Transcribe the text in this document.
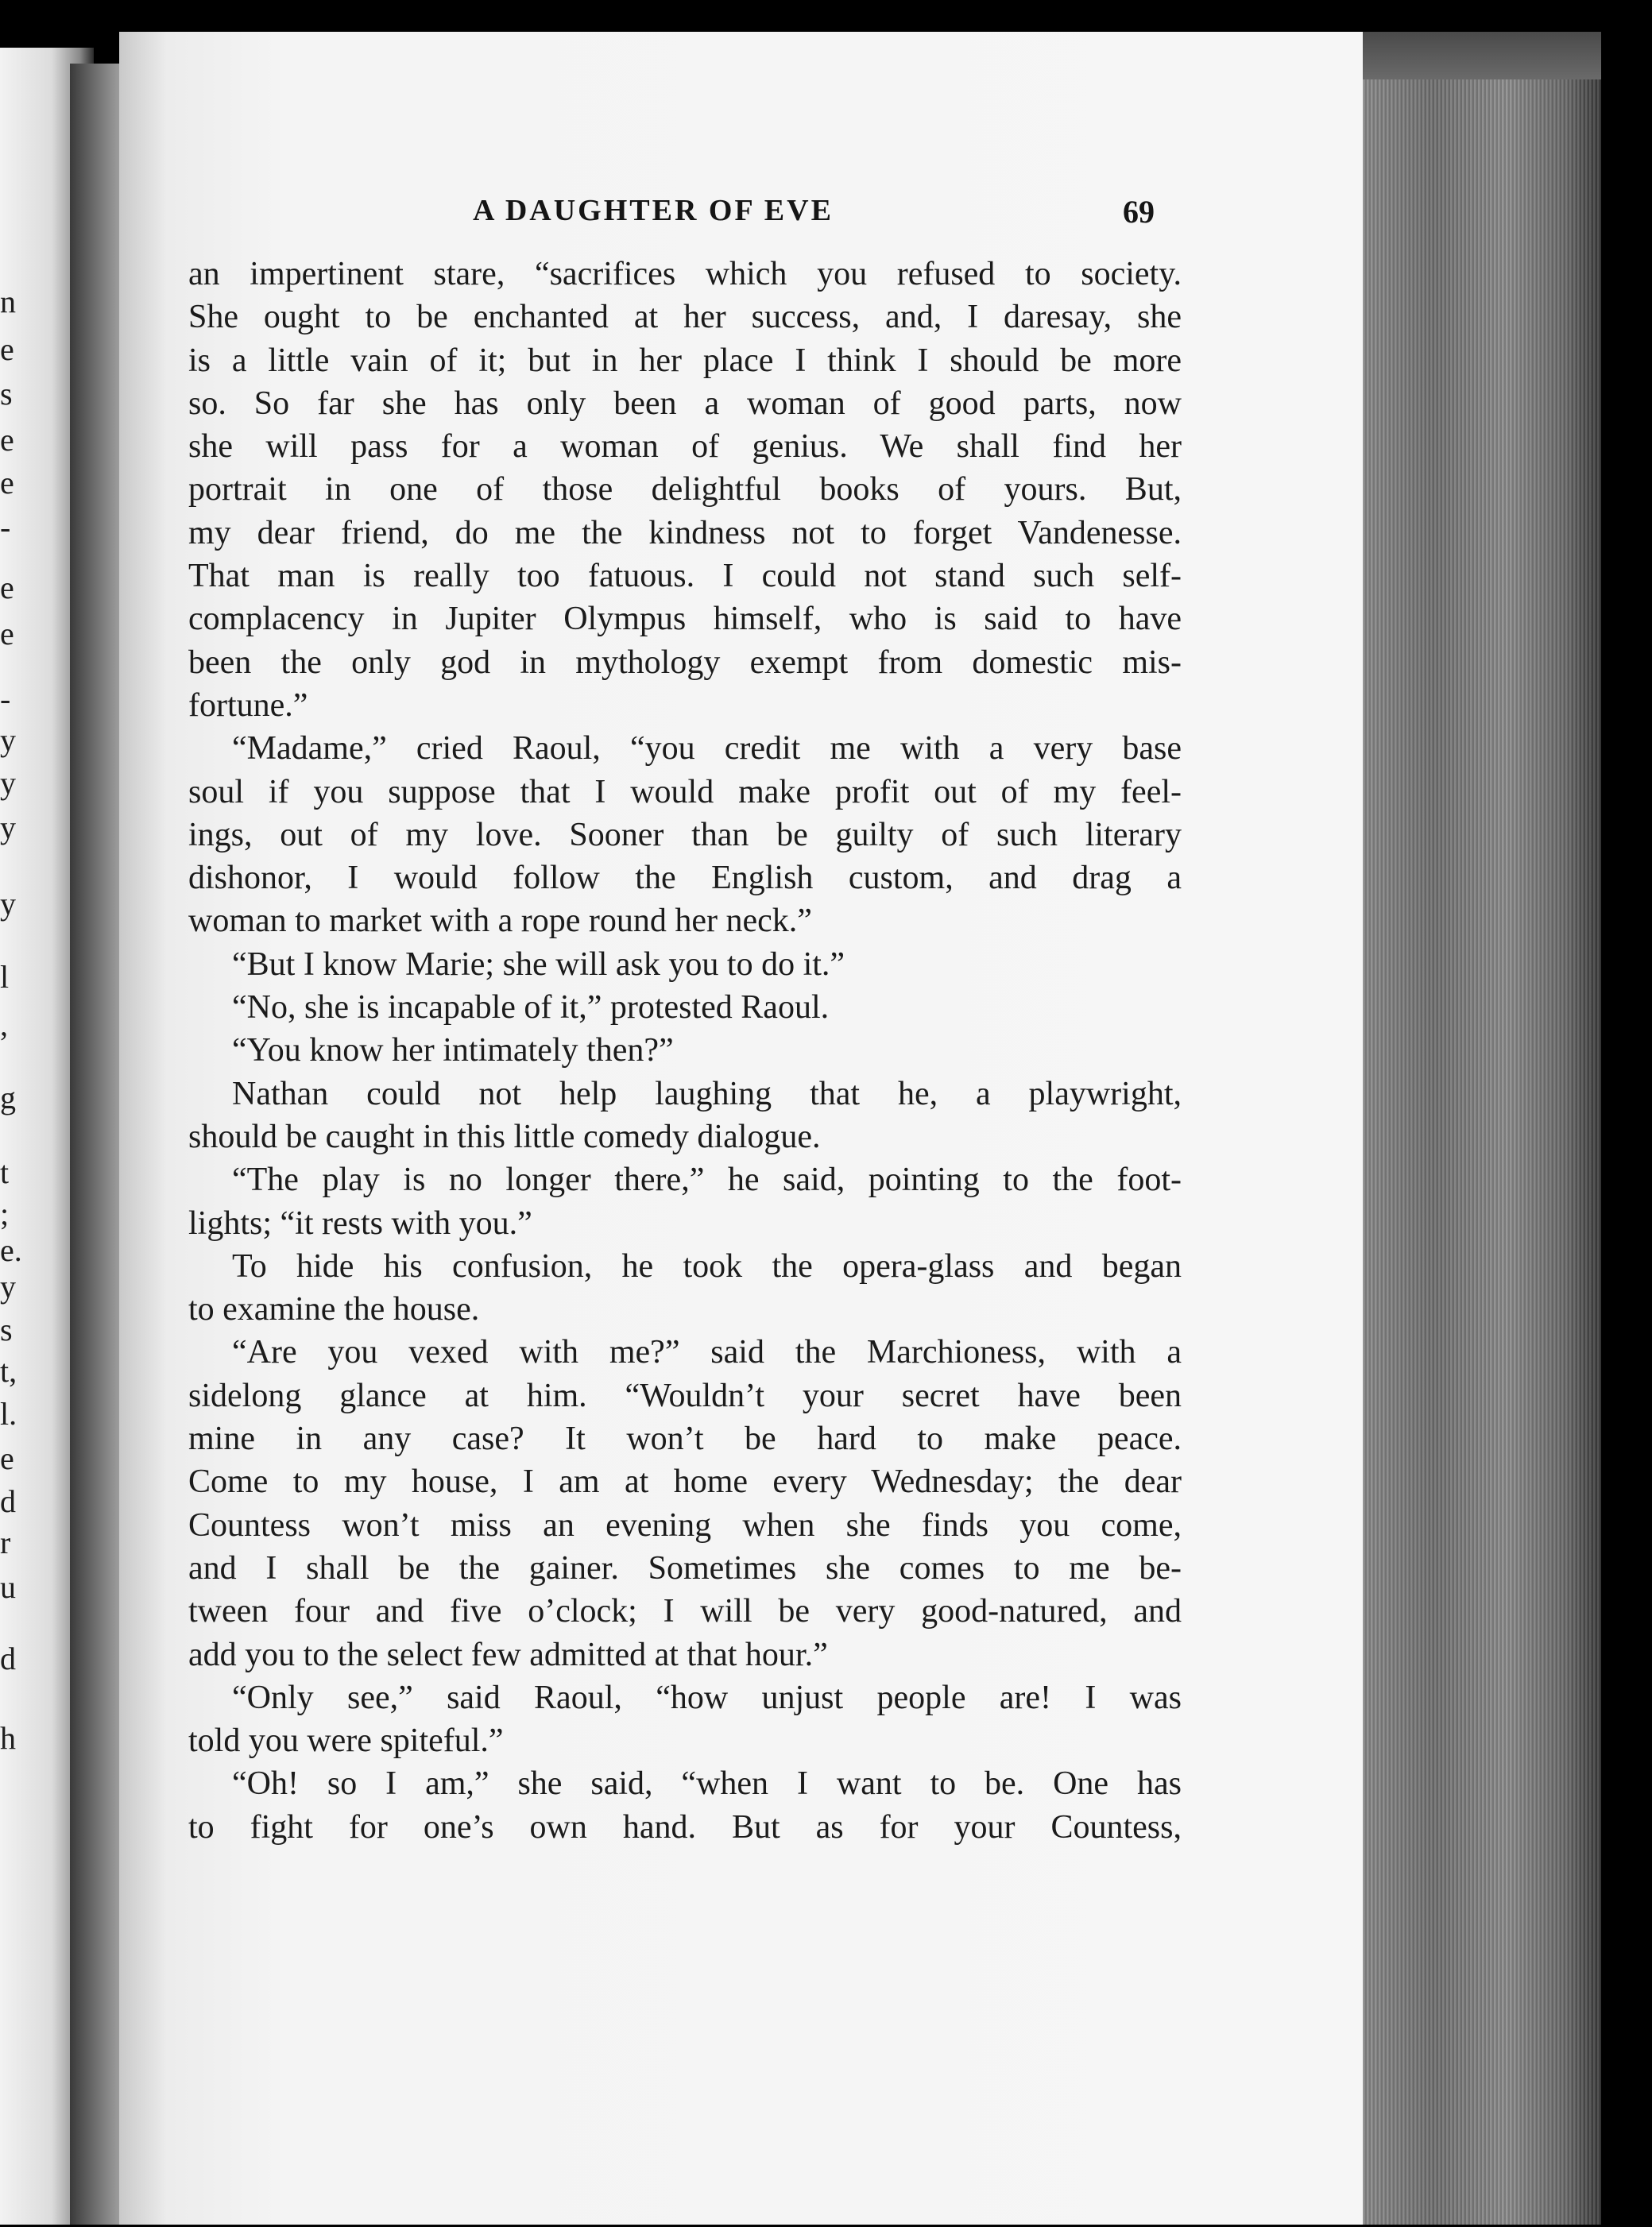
n
e
s
e
e
-
e
e
-
y
y
y
y
l
,
g
t
;
e.
y
s
t,
l.
e
d
r
u
d
h
A DAUGHTER OF EVE	69
an impertinent stare, “sacrifices which you refused to society.
She ought to be enchanted at her success, and, I daresay, she
is a little vain of it; but in her place I think I should be more
so. So far she has only been a woman of good parts, now
she will pass for a woman of genius. We shall find her
portrait in one of those delightful books of yours. But,
my dear friend, do me the kindness not to forget Vandenesse.
That man is really too fatuous. I could not stand such self-
complacency in Jupiter Olympus himself, who is said to have
been the only god in mythology exempt from domestic mis-
fortune.”
“Madame,” cried Raoul, “you credit me with a very base
soul if you suppose that I would make profit out of my feel-
ings, out of my love. Sooner than be guilty of such literary
dishonor, I would follow the English custom, and drag a
woman to market with a rope round her neck.”
“But I know Marie; she will ask you to do it.”
“No, she is incapable of it,” protested Raoul.
“You know her intimately then?”
Nathan could not help laughing that he, a playwright,
should be caught in this little comedy dialogue.
“The play is no longer there,” he said, pointing to the foot-
lights; “it rests with you.”
To hide his confusion, he took the opera-glass and began
to examine the house.
“Are you vexed with me?” said the Marchioness, with a
sidelong glance at him. “Wouldn’t your secret have been
mine in any case? It won’t be hard to make peace.
Come to my house, I am at home every Wednesday; the dear
Countess won’t miss an evening when she finds you come,
and I shall be the gainer. Sometimes she comes to me be-
tween four and five o’clock; I will be very good-natured, and
add you to the select few admitted at that hour.”
“Only see,” said Raoul, “how unjust people are! I was
told you were spiteful.”
“Oh! so I am,” she said, “when I want to be. One has
to fight for one’s own hand. But as for your Countess,
